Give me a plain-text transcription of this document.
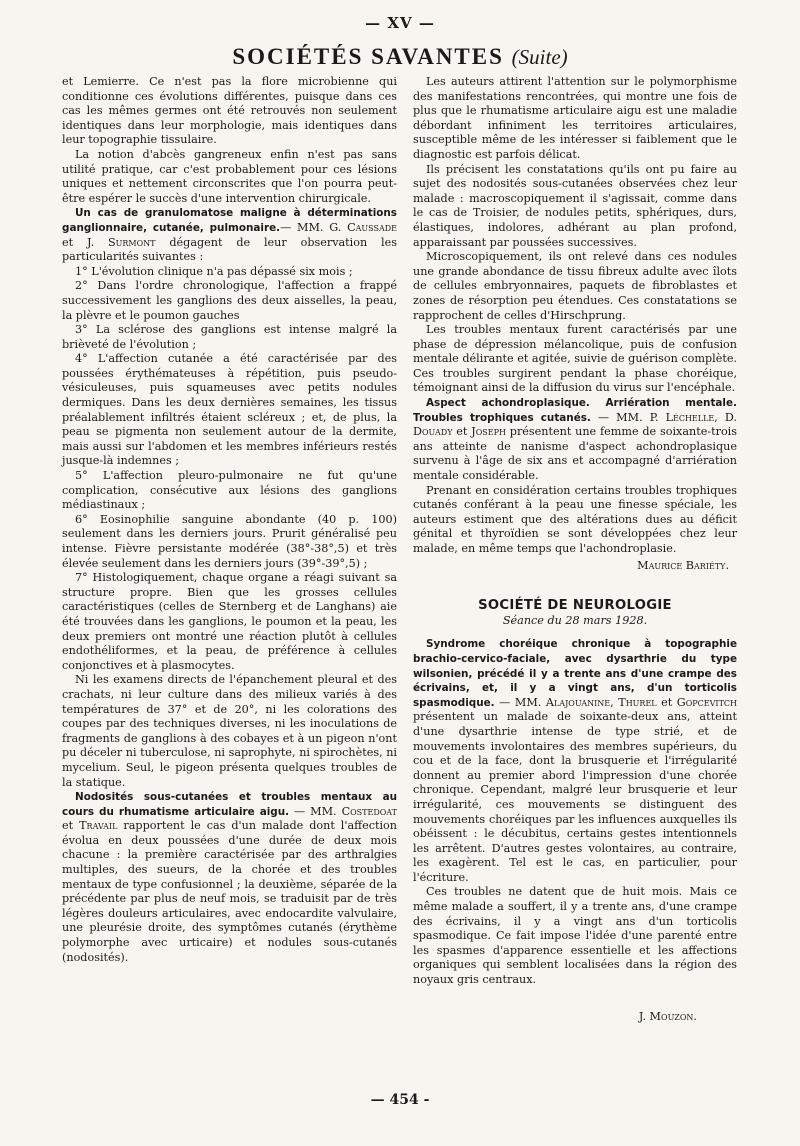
— XV —
SOCIÉTÉS SAVANTES (Suite)

et Lemierre. Ce n'est pas la flore microbienne qui conditionne ces évolutions différentes, puisque dans ces cas les mêmes germes ont été retrouvés non seulement identiques dans leur morphologie, mais identiques dans leur topographie tissulaire.

La notion d'abcès gangreneux enfin n'est pas sans utilité pratique, car c'est probablement pour ces lésions uniques et nettement circonscrites que l'on pourra peut-être espérer le succès d'une intervention chirurgicale.

Un cas de granulomatose maligne à déterminations ganglionnaire, cutanée, pulmonaire.— MM. G. Caussade et J. Surmont dégagent de leur observation les particularités suivantes :

1° L'évolution clinique n'a pas dépassé six mois ;

2° Dans l'ordre chronologique, l'affection a frappé successivement les ganglions des deux aisselles, la peau, la plèvre et le poumon gauches

3° La sclérose des ganglions est intense malgré la brièveté de l'évolution ;

4° L'affection cutanée a été caractérisée par des poussées érythémateuses à répétition, puis pseudo-vésiculeuses, puis squameuses avec petits nodules dermiques. Dans les deux dernières semaines, les tissus préalablement infiltrés étaient scléreux ; et, de plus, la peau se pigmenta non seulement autour de la dermite, mais aussi sur l'abdomen et les membres inférieurs restés jusque-là indemnes ;

5° L'affection pleuro-pulmonaire ne fut qu'une complication, consécutive aux lésions des ganglions médiastinaux ;

6° Eosinophilie sanguine abondante (40 p. 100) seulement dans les derniers jours. Prurit généralisé peu intense. Fièvre persistante modérée (38°-38°,5) et très élevée seulement dans les derniers jours (39°-39°,5) ;

7° Histologiquement, chaque organe a réagi suivant sa structure propre. Bien que les grosses cellules caractéristiques (celles de Sternberg et de Langhans) aie été trouvées dans les ganglions, le poumon et la peau, les deux premiers ont montré une réaction plutôt à cellules endothéliformes, et la peau, de préférence à cellules conjonctives et à plasmocytes.

Ni les examens directs de l'épanchement pleural et des crachats, ni leur culture dans des milieux variés à des températures de 37° et de 20°, ni les colorations des coupes par des techniques diverses, ni les inoculations de fragments de ganglions à des cobayes et à un pigeon n'ont pu déceler ni tuberculose, ni saprophyte, ni spirochètes, ni mycelium. Seul, le pigeon présenta quelques troubles de la statique.

Nodosités sous-cutanées et troubles mentaux au cours du rhumatisme articulaire aigu. — MM. Costedoat et Travail rapportent le cas d'un malade dont l'affection évolua en deux poussées d'une durée de deux mois chacune : la première caractérisée par des arthralgies multiples, des sueurs, de la chorée et des troubles mentaux de type confusionnel ; la deuxième, séparée de la précédente par plus de neuf mois, se traduisit par de très légères douleurs articulaires, avec endocardite valvulaire, une pleurésie droite, des symptômes cutanés (érythème polymorphe avec urticaire) et nodules sous-cutanés (nodosités).

Les auteurs attirent l'attention sur le polymorphisme des manifestations rencontrées, qui montre une fois de plus que le rhumatisme articulaire aigu est une maladie débordant infiniment les territoires articulaires, susceptible même de les intéresser si faiblement que le diagnostic est parfois délicat.

Ils précisent les constatations qu'ils ont pu faire au sujet des nodosités sous-cutanées observées chez leur malade : macroscopiquement il s'agissait, comme dans le cas de Troisier, de nodules petits, sphériques, durs, élastiques, indolores, adhérant au plan profond, apparaissant par poussées successives.

Microscopiquement, ils ont relevé dans ces nodules une grande abondance de tissu fibreux adulte avec îlots de cellules embryonnaires, paquets de fibroblastes et zones de résorption peu étendues. Ces constatations se rapprochent de celles d'Hirschprung.

Les troubles mentaux furent caractérisés par une phase de dépression mélancolique, puis de confusion mentale délirante et agitée, suivie de guérison complète. Ces troubles surgirent pendant la phase choréique, témoignant ainsi de la diffusion du virus sur l'encéphale.

Aspect achondroplasique. Arriération mentale. Troubles trophiques cutanés. — MM. P. Léchelle, D. Douady et Joseph présentent une femme de soixante-trois ans atteinte de nanisme d'aspect achondroplasique survenu à l'âge de six ans et accompagné d'arriération mentale considérable.

Prenant en considération certains troubles trophiques cutanés conférant à la peau une finesse spéciale, les auteurs estiment que des altérations dues au déficit génital et thyroïdien se sont développées chez leur malade, en même temps que l'achondroplasie.

Maurice Bariéty.
SOCIÉTÉ DE NEUROLOGIE
Séance du 28 mars 1928.

Syndrome choréique chronique à topographie brachio-cervico-faciale, avec dysarthrie du type wilsonien, précédé il y a trente ans d'une crampe des écrivains, et, il y a vingt ans, d'un torticolis spasmodique. — MM. Alajouanine, Thurel et Gopcevitch présentent un malade de soixante-deux ans, atteint d'une dysarthrie intense de type strié, et de mouvements involontaires des membres supérieurs, du cou et de la face, dont la brusquerie et l'irrégularité donnent au premier abord l'impression d'une chorée chronique. Cependant, malgré leur brusquerie et leur irrégularité, ces mouvements se distinguent des mouvements choréiques par les influences auxquelles ils obéissent : le décubitus, certains gestes intentionnels les arrêtent. D'autres gestes volontaires, au contraire, les exagèrent. Tel est le cas, en particulier, pour l'écriture.

Ces troubles ne datent que de huit mois. Mais ce même malade a souffert, il y a trente ans, d'une crampe des écrivains, il y a vingt ans d'un torticolis spasmodique. Ce fait impose l'idée d'une parenté entre les spasmes d'apparence essentielle et les affections organiques qui semblent localisées dans la région des noyaux gris centraux.

J. Mouzon.
— 454 -
